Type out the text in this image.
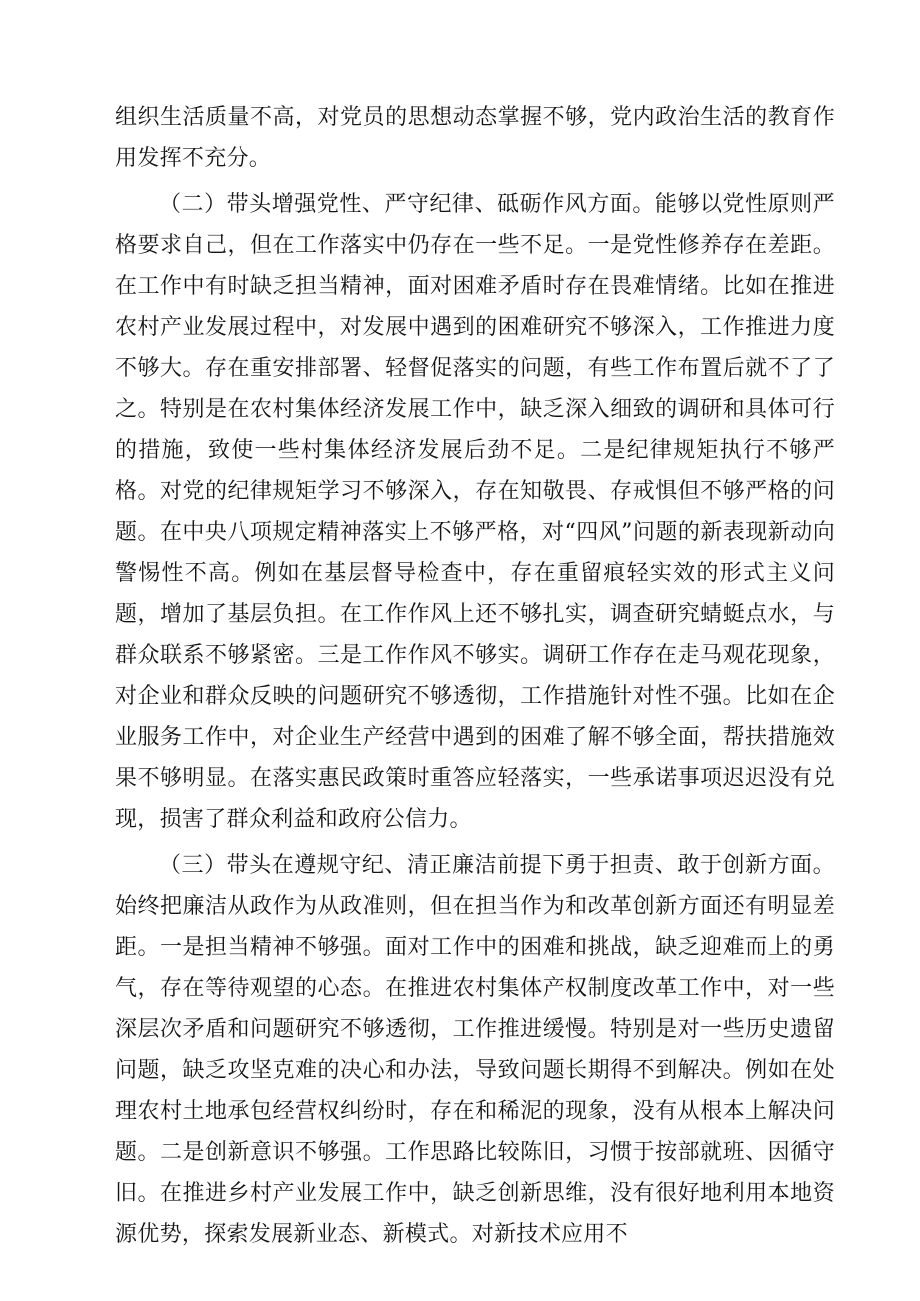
组织生活质量不高，对党员的思想动态掌握不够，党内政治生活的教育作用发挥不充分。

（二）带头增强党性、严守纪律、砥砺作风方面。能够以党性原则严格要求自己，但在工作落实中仍存在一些不足。一是党性修养存在差距。在工作中有时缺乏担当精神，面对困难矛盾时存在畏难情绪。比如在推进农村产业发展过程中，对发展中遇到的困难研究不够深入，工作推进力度不够大。存在重安排部署、轻督促落实的问题，有些工作布置后就不了了之。特别是在农村集体经济发展工作中，缺乏深入细致的调研和具体可行的措施，致使一些村集体经济发展后劲不足。二是纪律规矩执行不够严格。对党的纪律规矩学习不够深入，存在知敬畏、存戒惧但不够严格的问题。在中央八项规定精神落实上不够严格，对“四风”问题的新表现新动向警惕性不高。例如在基层督导检查中，存在重留痕轻实效的形式主义问题，增加了基层负担。在工作作风上还不够扎实，调查研究蜻蜓点水，与群众联系不够紧密。三是工作作风不够实。调研工作存在走马观花现象，对企业和群众反映的问题研究不够透彻，工作措施针对性不强。比如在企业服务工作中，对企业生产经营中遇到的困难了解不够全面，帮扶措施效果不够明显。在落实惠民政策时重答应轻落实，一些承诺事项迟迟没有兑现，损害了群众利益和政府公信力。

（三）带头在遵规守纪、清正廉洁前提下勇于担责、敢于创新方面。始终把廉洁从政作为从政准则，但在担当作为和改革创新方面还有明显差距。一是担当精神不够强。面对工作中的困难和挑战，缺乏迎难而上的勇气，存在等待观望的心态。在推进农村集体产权制度改革工作中，对一些深层次矛盾和问题研究不够透彻，工作推进缓慢。特别是对一些历史遗留问题，缺乏攻坚克难的决心和办法，导致问题长期得不到解决。例如在处理农村土地承包经营权纠纷时，存在和稀泥的现象，没有从根本上解决问题。二是创新意识不够强。工作思路比较陈旧，习惯于按部就班、因循守旧。在推进乡村产业发展工作中，缺乏创新思维，没有很好地利用本地资源优势，探索发展新业态、新模式。对新技术应用不
